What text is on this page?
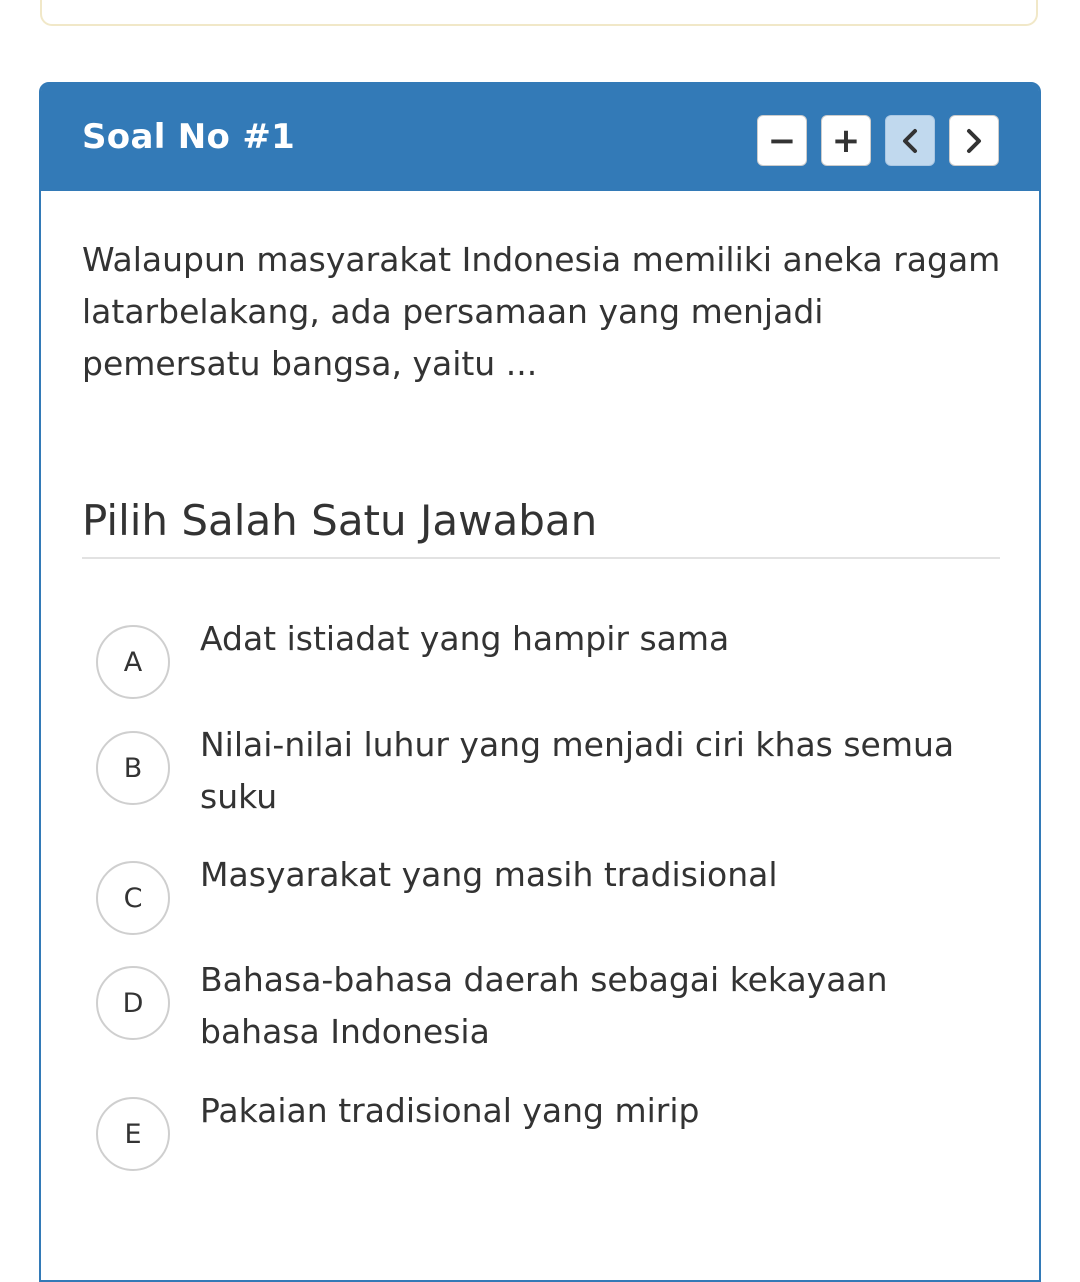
Soal No #1	− +

Walaupun masyarakat Indonesia memiliki aneka ragam latarbelakang, ada persamaan yang menjadi pemersatu bangsa, yaitu ...

Pilih Salah Satu Jawaban
A
Adat istiadat yang hampir sama
B
Nilai-nilai luhur yang menjadi ciri khas semua suku
C
Masyarakat yang masih tradisional
D
Bahasa-bahasa daerah sebagai kekayaan bahasa Indonesia
E
Pakaian tradisional yang mirip
